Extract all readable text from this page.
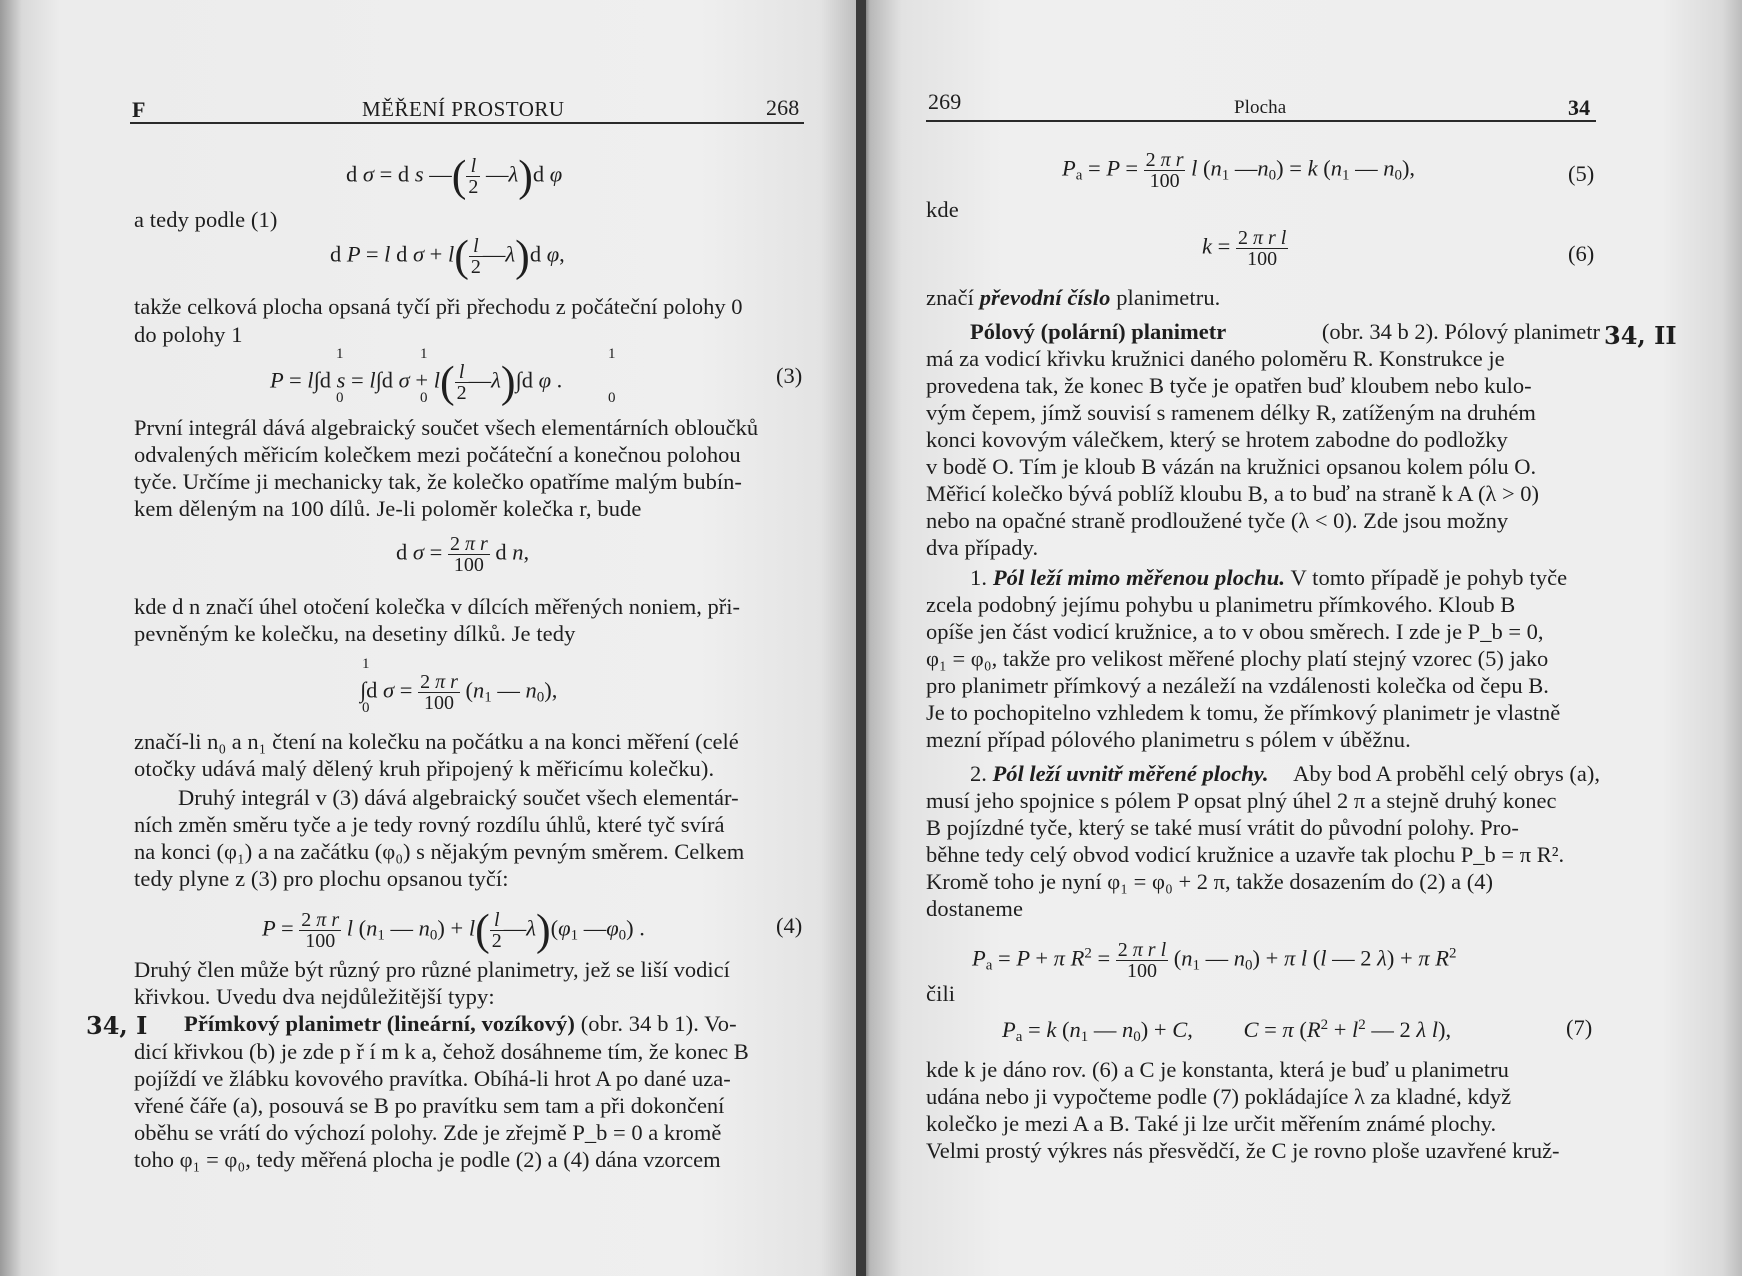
F	MĚŘENÍ PROSTORU	268
d σ = d s —( $\frac{l}{2}$ —λ)d φ
a tedy podle (1)
d P = l d $\sigma + l( \frac{l}{2}$ —λ)d φ,
takže celková plocha opsaná tyčí při přechodu z počáteční polohy 0
do polohy 1
P = l∫d s = l∫d $\sigma + l( \frac{l}{2}$ —λ)∫d φ .
1
0
1
0
1
0
(3)
První integrál dává algebraický součet všech elementárních obloučků
odvalených měřicím kolečkem mezi počáteční a konečnou polohou
tyče. Určíme ji mechanicky tak, že kolečko opatříme malým bubín-
kem děleným na 100 dílů. Je-li poloměr kolečka r, bude
d $\sigma = \frac{\text{2 π r}}{100}$ d n,
kde d n značí úhel otočení kolečka v dílcích měřených noniem, při-
pevněným ke kolečku, na desetiny dílků. Je tedy
∫d $\sigma = \frac{\text{2 π r}}{100} (n_1$ — $n_0$),
1
0
značí-li n₀ a n₁ čtení na kolečku na počátku a na konci měření (celé
otočky udává malý dělený kruh připojený k měřicímu kolečku).
Druhý integrál v (3) dává algebraický součet všech elementár-
ních změn směru tyče a je tedy rovný rozdílu úhlů, které tyč svírá
na konci (φ₁) a na začátku (φ₀) s nějakým pevným směrem. Celkem
tedy plyne z (3) pro plochu opsanou tyčí:
$P = \frac{\text{2 π r}}{100}$ l ($n_1$ — $n_0) + l( \frac{l}{2}$ $—\lambda)(\varphi_1$ $—\varphi_0$) .	(4)
Druhý člen může být různý pro různé planimetry, jež se liší vodicí
křivkou. Uvedu dva nejdůležitější typy:
34, I Přímkový planimetr (lineární, vozíkový) (obr. 34 b 1). Vo-
dicí křivkou (b) je zde p ř í m k a, čehož dosáhneme tím, že konec B
pojíždí ve žlábku kovového pravítka. Obíhá-li hrot A po dané uza-
vřené čáře (a), posouvá se B po pravítku sem tam a při dokončení
oběhu se vrátí do výchozí polohy. Zde je zřejmě P_b = 0 a kromě
toho φ₁ = φ₀, tedy měřená plocha je podle (2) a (4) dána vzorcem
269	Plocha	34
$P_a = P = \frac{\text{2 π r}}{100}$ l ($n_1$ $—n_0) = k$ ($n_1$ — $n_0$),	(5)
kde
$k = \frac{\text{2 π r l}}{100}$	(6)
značí převodní číslo planimetru.
34, II
Pólový (polární) planimetr	(obr. 34 b 2). Pólový planimetr
má za vodicí křivku kružnici daného poloměru R. Konstrukce je
provedena tak, že konec B tyče je opatřen buď kloubem nebo kulo-
vým čepem, jímž souvisí s ramenem délky R, zatíženým na druhém
konci kovovým válečkem, který se hrotem zabodne do podložky
v bodě O. Tím je kloub B vázán na kružnici opsanou kolem pólu O.
Měřicí kolečko bývá poblíž kloubu B, a to buď na straně k A (λ > 0)
nebo na opačné straně prodloužené tyče (λ < 0). Zde jsou možny
dva případy.
1. Pól leží mimo měřenou plochu. V tomto případě je pohyb tyče
zcela podobný jejímu pohybu u planimetru přímkového. Kloub B
opíše jen část vodicí kružnice, a to v obou směrech. I zde je P_b = 0,
φ₁ = φ₀, takže pro velikost měřené plochy platí stejný vzorec (5) jako
pro planimetr přímkový a nezáleží na vzdálenosti kolečka od čepu B.
Je to pochopitelno vzhledem k tomu, že přímkový planimetr je vlastně
mezní případ pólového planimetru s pólem v úběžnu.
2. Pól leží uvnitř měřené plochy. Aby bod A proběhl celý obrys (a),
musí jeho spojnice s pólem P opsat plný úhel 2 π a stejně druhý konec
B pojízdné tyče, který se také musí vrátit do původní polohy. Pro-
běhne tedy celý obvod vodicí kružnice a uzavře tak plochu P_b = π R².
Kromě toho je nyní φ₁ = φ₀ + 2 π, takže dosazením do (2) a (4)
dostaneme
$P_a = P + \pi$ $R^2 = \frac{\text{2 π r l}}{100} (n_1$ — $n_0) + \pi$ l (l — 2 λ) + π $R^2$
čili
$P_a = k$ ($n_1$ — $n_0) + C$,         C = π ($R^2 + l^2$ — 2 λ l),	(7)
kde k je dáno rov. (6) a C je konstanta, která je buď u planimetru
udána nebo ji vypočteme podle (7) pokládajíce λ za kladné, když
kolečko je mezi A a B. Také ji lze určit měřením známé plochy.
Velmi prostý výkres nás přesvědčí, že C je rovno ploše uzavřené kruž-
